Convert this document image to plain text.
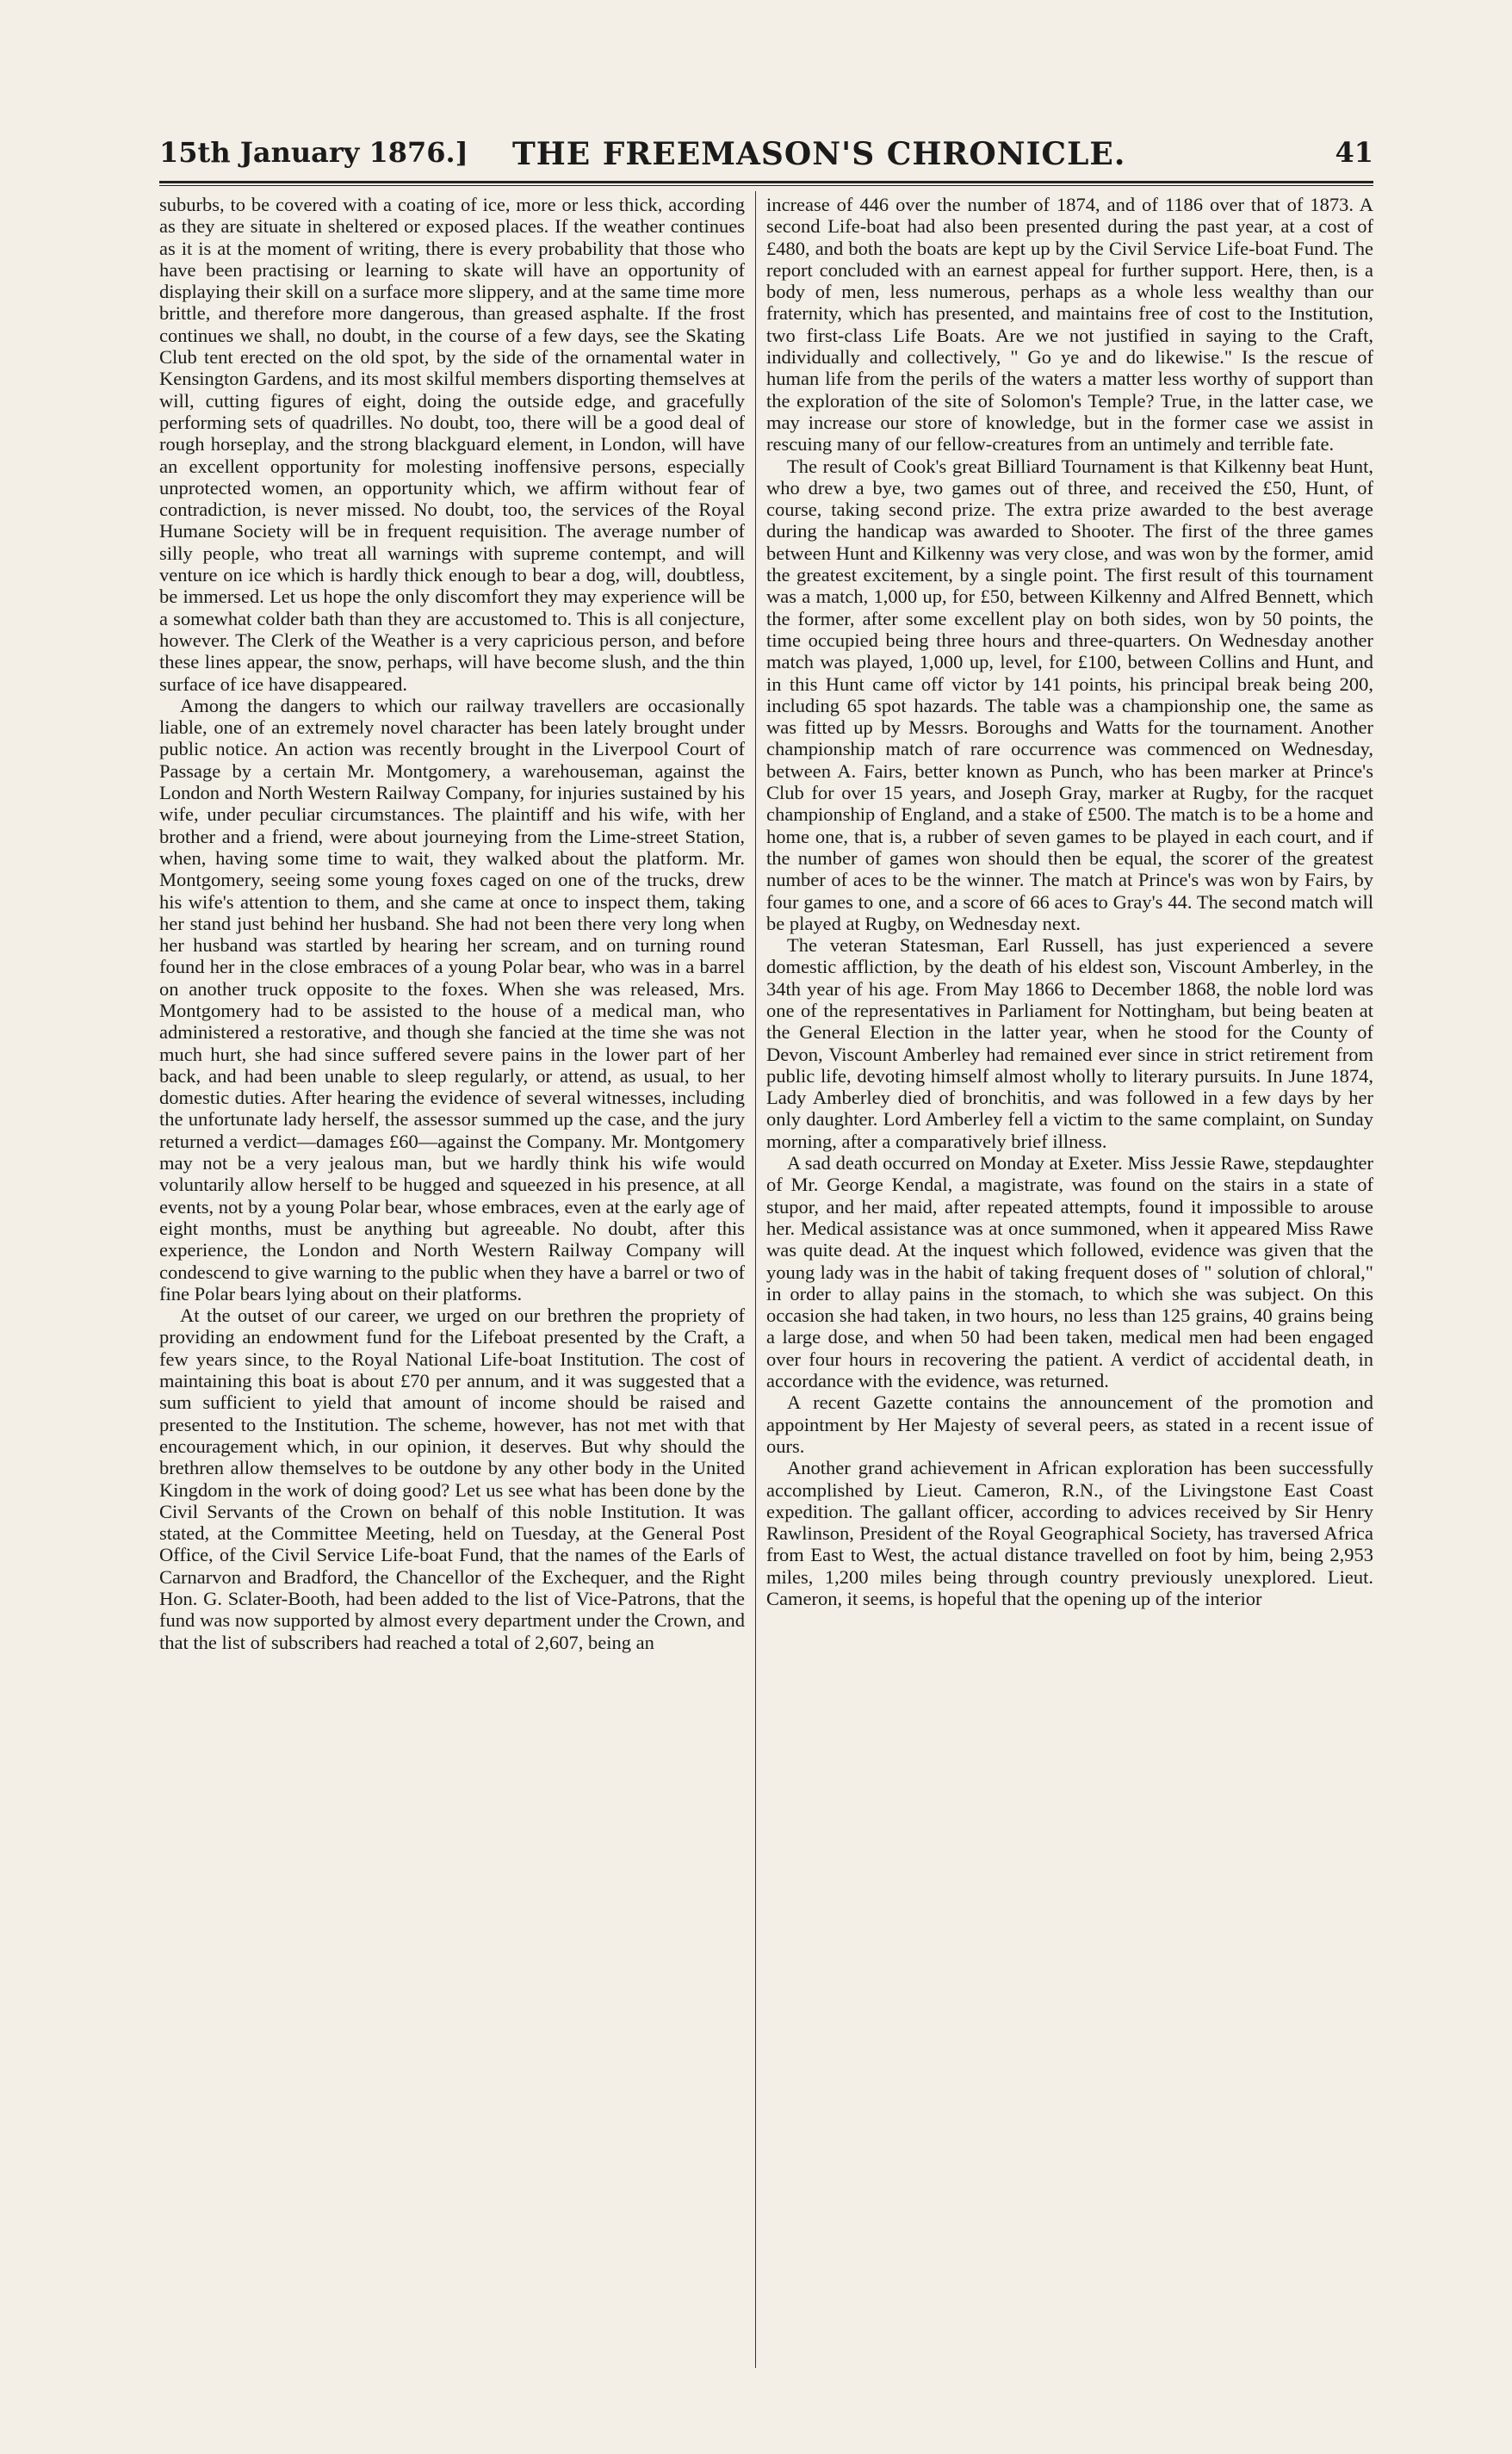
15th January 1876.] THE FREEMASON'S CHRONICLE.	41

suburbs, to be covered with a coating of ice, more or less thick, according as they are situate in sheltered or exposed places. If the weather continues as it is at the moment of writing, there is every probability that those who have been practising or learning to skate will have an opportunity of displaying their skill on a surface more slippery, and at the same time more brittle, and therefore more dangerous, than greased asphalte. If the frost continues we shall, no doubt, in the course of a few days, see the Skating Club tent erected on the old spot, by the side of the ornamental water in Kensington Gardens, and its most skilful members disporting themselves at will, cutting figures of eight, doing the outside edge, and gracefully performing sets of quadrilles. No doubt, too, there will be a good deal of rough horseplay, and the strong blackguard element, in London, will have an excellent opportunity for molesting inoffensive persons, especially unprotected women, an opportunity which, we affirm without fear of contradiction, is never missed. No doubt, too, the services of the Royal Humane Society will be in frequent requisition. The average number of silly people, who treat all warnings with supreme contempt, and will venture on ice which is hardly thick enough to bear a dog, will, doubtless, be immersed. Let us hope the only discomfort they may experience will be a somewhat colder bath than they are accustomed to. This is all conjecture, however. The Clerk of the Weather is a very capricious person, and before these lines appear, the snow, perhaps, will have become slush, and the thin surface of ice have disappeared.

Among the dangers to which our railway travellers are occasionally liable, one of an extremely novel character has been lately brought under public notice. An action was recently brought in the Liverpool Court of Passage by a certain Mr. Montgomery, a warehouseman, against the London and North Western Railway Company, for injuries sustained by his wife, under peculiar circumstances. The plaintiff and his wife, with her brother and a friend, were about journeying from the Lime-street Station, when, having some time to wait, they walked about the platform. Mr. Montgomery, seeing some young foxes caged on one of the trucks, drew his wife's attention to them, and she came at once to inspect them, taking her stand just behind her husband. She had not been there very long when her husband was startled by hearing her scream, and on turning round found her in the close embraces of a young Polar bear, who was in a barrel on another truck opposite to the foxes. When she was released, Mrs. Montgomery had to be assisted to the house of a medical man, who administered a restorative, and though she fancied at the time she was not much hurt, she had since suffered severe pains in the lower part of her back, and had been unable to sleep regularly, or attend, as usual, to her domestic duties. After hearing the evidence of several witnesses, including the unfortunate lady herself, the assessor summed up the case, and the jury returned a verdict—damages £60—against the Company. Mr. Montgomery may not be a very jealous man, but we hardly think his wife would voluntarily allow herself to be hugged and squeezed in his presence, at all events, not by a young Polar bear, whose embraces, even at the early age of eight months, must be anything but agreeable. No doubt, after this experience, the London and North Western Railway Company will condescend to give warning to the public when they have a barrel or two of fine Polar bears lying about on their platforms.

At the outset of our career, we urged on our brethren the propriety of providing an endowment fund for the Lifeboat presented by the Craft, a few years since, to the Royal National Life-boat Institution. The cost of maintaining this boat is about £70 per annum, and it was suggested that a sum sufficient to yield that amount of income should be raised and presented to the Institution. The scheme, however, has not met with that encouragement which, in our opinion, it deserves. But why should the brethren allow themselves to be outdone by any other body in the United Kingdom in the work of doing good? Let us see what has been done by the Civil Servants of the Crown on behalf of this noble Institution. It was stated, at the Committee Meeting, held on Tuesday, at the General Post Office, of the Civil Service Life-boat Fund, that the names of the Earls of Carnarvon and Bradford, the Chancellor of the Exchequer, and the Right Hon. G. Sclater-Booth, had been added to the list of Vice-Patrons, that the fund was now supported by almost every department under the Crown, and that the list of subscribers had reached a total of 2,607, being an

increase of 446 over the number of 1874, and of 1186 over that of 1873. A second Life-boat had also been presented during the past year, at a cost of £480, and both the boats are kept up by the Civil Service Life-boat Fund. The report concluded with an earnest appeal for further support. Here, then, is a body of men, less numerous, perhaps as a whole less wealthy than our fraternity, which has presented, and maintains free of cost to the Institution, two first-class Life Boats. Are we not justified in saying to the Craft, individually and collectively, " Go ye and do likewise." Is the rescue of human life from the perils of the waters a matter less worthy of support than the exploration of the site of Solomon's Temple? True, in the latter case, we may increase our store of knowledge, but in the former case we assist in rescuing many of our fellow-creatures from an untimely and terrible fate.

The result of Cook's great Billiard Tournament is that Kilkenny beat Hunt, who drew a bye, two games out of three, and received the £50, Hunt, of course, taking second prize. The extra prize awarded to the best average during the handicap was awarded to Shooter. The first of the three games between Hunt and Kilkenny was very close, and was won by the former, amid the greatest excitement, by a single point. The first result of this tournament was a match, 1,000 up, for £50, between Kilkenny and Alfred Bennett, which the former, after some excellent play on both sides, won by 50 points, the time occupied being three hours and three-quarters. On Wednesday another match was played, 1,000 up, level, for £100, between Collins and Hunt, and in this Hunt came off victor by 141 points, his principal break being 200, including 65 spot hazards. The table was a championship one, the same as was fitted up by Messrs. Boroughs and Watts for the tournament. Another championship match of rare occurrence was commenced on Wednesday, between A. Fairs, better known as Punch, who has been marker at Prince's Club for over 15 years, and Joseph Gray, marker at Rugby, for the racquet championship of England, and a stake of £500. The match is to be a home and home one, that is, a rubber of seven games to be played in each court, and if the number of games won should then be equal, the scorer of the greatest number of aces to be the winner. The match at Prince's was won by Fairs, by four games to one, and a score of 66 aces to Gray's 44. The second match will be played at Rugby, on Wednesday next.

The veteran Statesman, Earl Russell, has just experienced a severe domestic affliction, by the death of his eldest son, Viscount Amberley, in the 34th year of his age. From May 1866 to December 1868, the noble lord was one of the representatives in Parliament for Nottingham, but being beaten at the General Election in the latter year, when he stood for the County of Devon, Viscount Amberley had remained ever since in strict retirement from public life, devoting himself almost wholly to literary pursuits. In June 1874, Lady Amberley died of bronchitis, and was followed in a few days by her only daughter. Lord Amberley fell a victim to the same complaint, on Sunday morning, after a comparatively brief illness.

A sad death occurred on Monday at Exeter. Miss Jessie Rawe, stepdaughter of Mr. George Kendal, a magistrate, was found on the stairs in a state of stupor, and her maid, after repeated attempts, found it impossible to arouse her. Medical assistance was at once summoned, when it appeared Miss Rawe was quite dead. At the inquest which followed, evidence was given that the young lady was in the habit of taking frequent doses of " solution of chloral," in order to allay pains in the stomach, to which she was subject. On this occasion she had taken, in two hours, no less than 125 grains, 40 grains being a large dose, and when 50 had been taken, medical men had been engaged over four hours in recovering the patient. A verdict of accidental death, in accordance with the evidence, was returned.

A recent Gazette contains the announcement of the promotion and appointment by Her Majesty of several peers, as stated in a recent issue of ours.

Another grand achievement in African exploration has been successfully accomplished by Lieut. Cameron, R.N., of the Livingstone East Coast expedition. The gallant officer, according to advices received by Sir Henry Rawlinson, President of the Royal Geographical Society, has traversed Africa from East to West, the actual distance travelled on foot by him, being 2,953 miles, 1,200 miles being through country previously unexplored. Lieut. Cameron, it seems, is hopeful that the opening up of the interior
